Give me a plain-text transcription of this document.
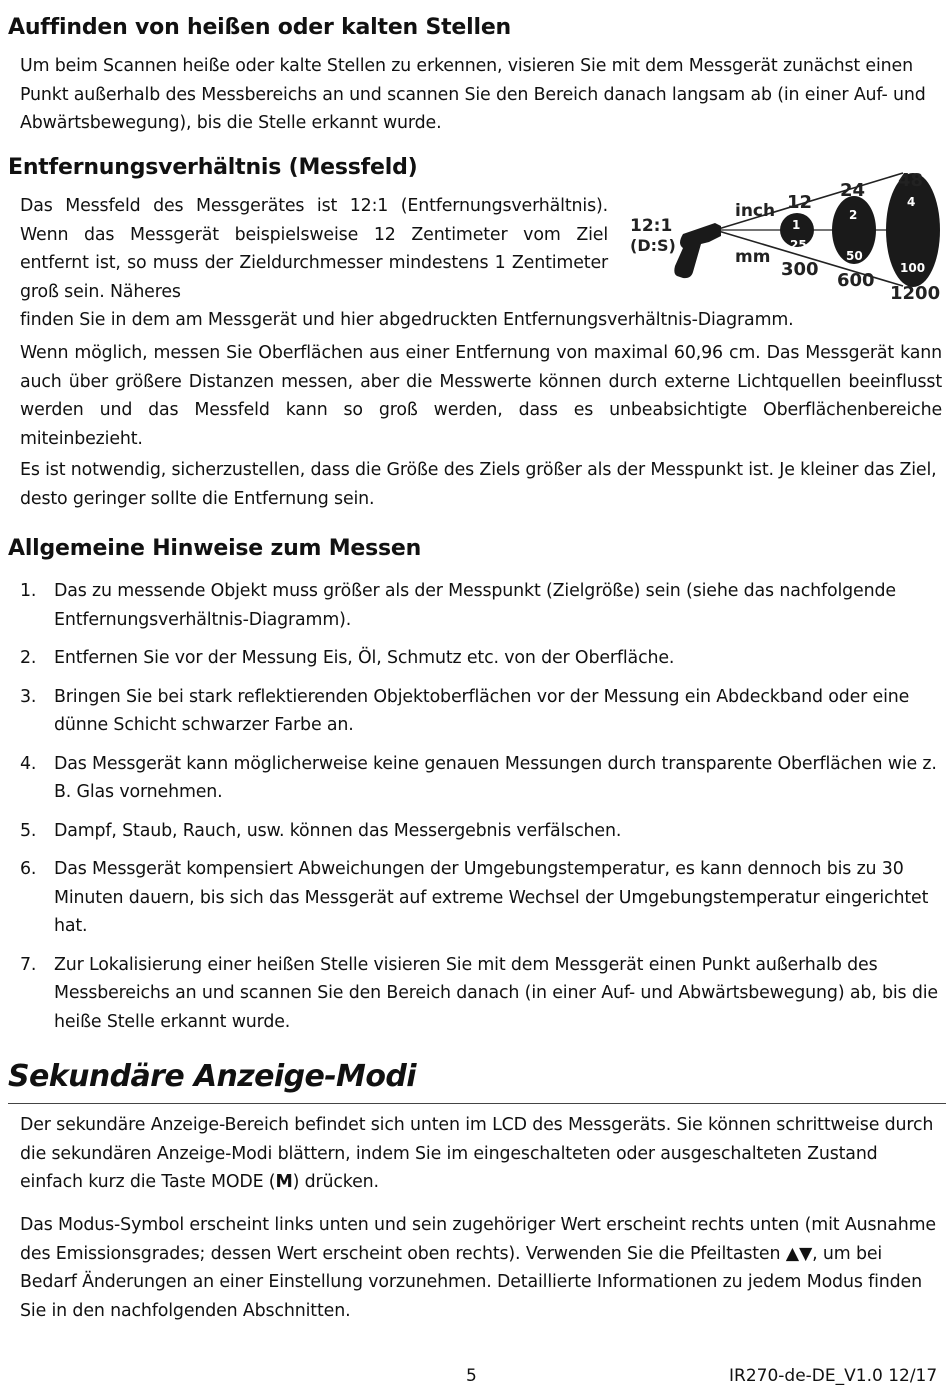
Auffinden von heißen oder kalten Stellen

Um beim Scannen heiße oder kalte Stellen zu erkennen, visieren Sie mit dem Messgerät zunächst einen Punkt außerhalb des Messbereichs an und scannen Sie den Bereich danach langsam ab (in einer Auf- und Abwärtsbewegung), bis die Stelle erkannt wurde.

Entfernungsverhältnis (Messfeld)

Das Messfeld des Messgerätes ist 12:1 (Entfernungsverhältnis). Wenn das Messgerät beispielsweise 12 Zentimeter vom Ziel entfernt ist, so muss der Zieldurchmesser mindestens 1 Zentimeter groß sein. Näheres

finden Sie in dem am Messgerät und hier abgedruckten Entfernungsverhältnis-Diagramm.

12:1
(D:S)
inch
mm
12
24 48
1
2
4
25
50
100
300
600
1200

Wenn möglich, messen Sie Oberflächen aus einer Entfernung von maximal 60,96 cm. Das Messgerät kann auch über größere Distanzen messen, aber die Messwerte können durch externe Lichtquellen beeinflusst werden und das Messfeld kann so groß werden, dass es unbeabsichtigte Oberflächenbereiche miteinbezieht.

Es ist notwendig, sicherzustellen, dass die Größe des Ziels größer als der Messpunkt ist. Je kleiner das Ziel, desto geringer sollte die Entfernung sein.

Allgemeine Hinweise zum Messen
1. Das zu messende Objekt muss größer als der Messpunkt (Zielgröße) sein (siehe das nachfolgende Entfernungsverhältnis-Diagramm).
2. Entfernen Sie vor der Messung Eis, Öl, Schmutz etc. von der Oberfläche.
3. Bringen Sie bei stark reflektierenden Objektoberflächen vor der Messung ein Abdeckband oder eine dünne Schicht schwarzer Farbe an.
4. Das Messgerät kann möglicherweise keine genauen Messungen durch transparente Oberflächen wie z. B. Glas vornehmen.
5. Dampf, Staub, Rauch, usw. können das Messergebnis verfälschen.
6. Das Messgerät kompensiert Abweichungen der Umgebungstemperatur, es kann dennoch bis zu 30 Minuten dauern, bis sich das Messgerät auf extreme Wechsel der Umgebungstemperatur eingerichtet hat.
7. Zur Lokalisierung einer heißen Stelle visieren Sie mit dem Messgerät einen Punkt außerhalb des Messbereichs an und scannen Sie den Bereich danach (in einer Auf- und Abwärtsbewegung) ab, bis die heiße Stelle erkannt wurde.
Sekundäre Anzeige-Modi

Der sekundäre Anzeige-Bereich befindet sich unten im LCD des Messgeräts. Sie können schrittweise durch die sekundären Anzeige-Modi blättern, indem Sie im eingeschalteten oder ausgeschalteten Zustand einfach kurz die Taste MODE (M) drücken.

Das Modus-Symbol erscheint links unten und sein zugehöriger Wert erscheint rechts unten (mit Ausnahme des Emissionsgrades; dessen Wert erscheint oben rechts). Verwenden Sie die Pfeiltasten ▲▼, um bei Bedarf Änderungen an einer Einstellung vorzunehmen. Detaillierte Informationen zu jedem Modus finden Sie in den nachfolgenden Abschnitten.

5	IR270-de-DE_V1.0 12/17
